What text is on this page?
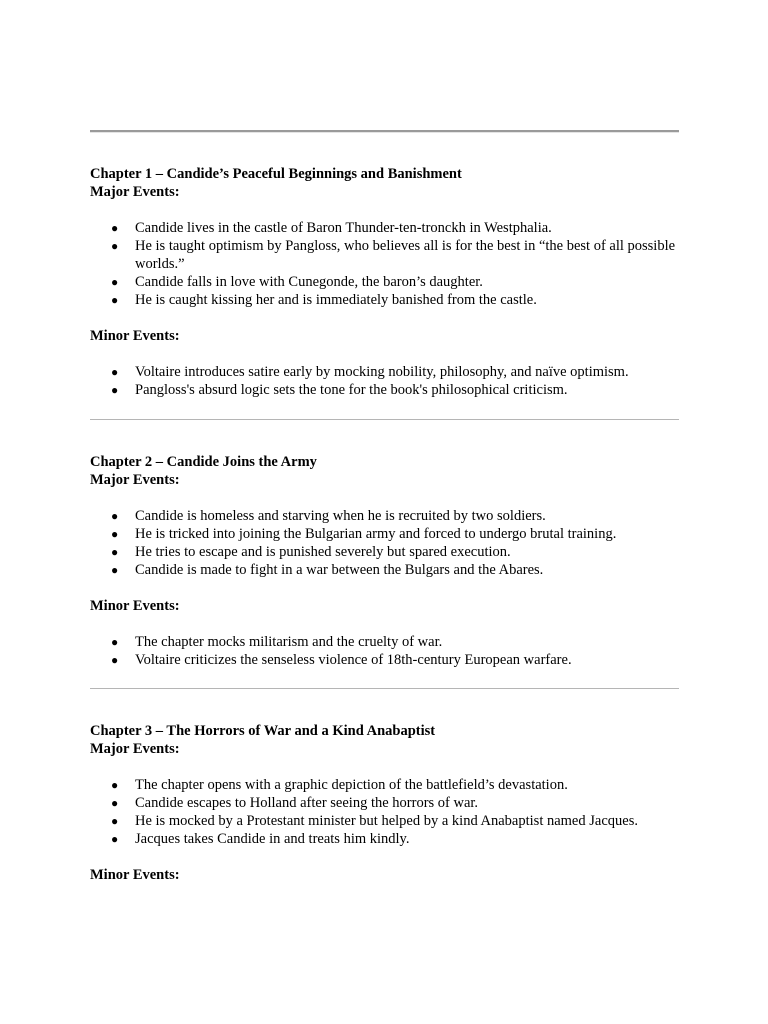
Chapter 1 – Candide’s Peaceful Beginnings and Banishment

Major Events:

● Candide lives in the castle of Baron Thunder-ten-tronckh in Westphalia.
● He is taught optimism by Pangloss, who believes all is for the best in “the best of all possible worlds.”
● Candide falls in love with Cunegonde, the baron’s daughter.
● He is caught kissing her and is immediately banished from the castle.

Minor Events:

● Voltaire introduces satire early by mocking nobility, philosophy, and naïve optimism.
● Pangloss's absurd logic sets the tone for the book's philosophical criticism.

Chapter 2 – Candide Joins the Army

Major Events:

● Candide is homeless and starving when he is recruited by two soldiers.
● He is tricked into joining the Bulgarian army and forced to undergo brutal training.
● He tries to escape and is punished severely but spared execution.
● Candide is made to fight in a war between the Bulgars and the Abares.

Minor Events:

● The chapter mocks militarism and the cruelty of war.
● Voltaire criticizes the senseless violence of 18th-century European warfare.

Chapter 3 – The Horrors of War and a Kind Anabaptist

Major Events:

● The chapter opens with a graphic depiction of the battlefield’s devastation.
● Candide escapes to Holland after seeing the horrors of war.
● He is mocked by a Protestant minister but helped by a kind Anabaptist named Jacques.
● Jacques takes Candide in and treats him kindly.

Minor Events:
